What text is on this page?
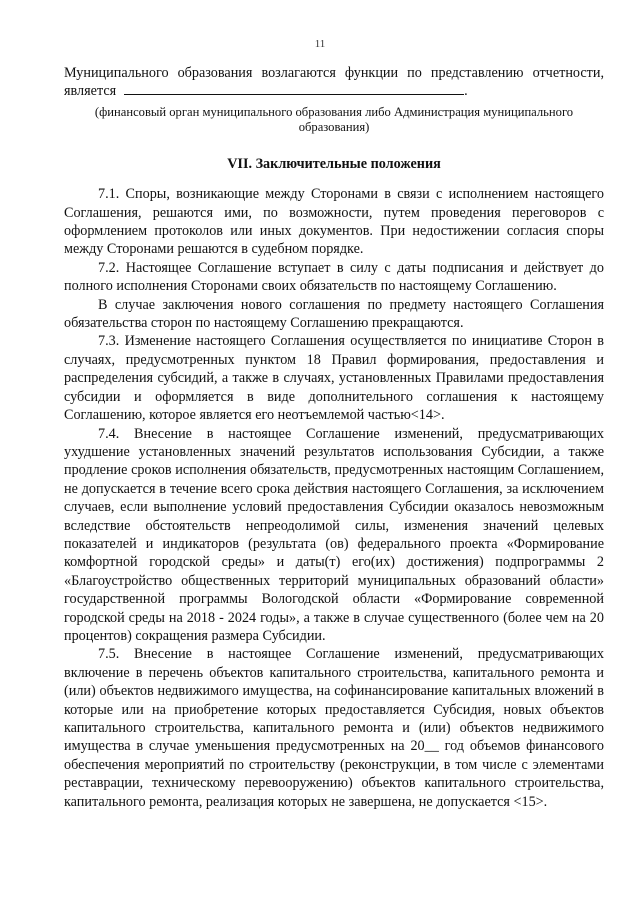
11

Муниципального образования возлагаются функции по представлению отчетности, является	.

(финансовый орган муниципального образования либо Администрация муниципального образования)

VII. Заключительные положения

7.1. Споры, возникающие между Сторонами в связи с исполнением настоящего Соглашения, решаются ими, по возможности, путем проведения переговоров с оформлением протоколов или иных документов. При недостижении согласия споры между Сторонами решаются в судебном порядке.

7.2. Настоящее Соглашение вступает в силу с даты подписания и действует до полного исполнения Сторонами своих обязательств по настоящему Соглашению.

В случае заключения нового соглашения по предмету настоящего Соглашения обязательства сторон по настоящему Соглашению прекращаются.

7.3. Изменение настоящего Соглашения осуществляется по инициативе Сторон в случаях, предусмотренных пунктом 18 Правил формирования, предоставления и распределения субсидий, а также в случаях, установленных Правилами предоставления субсидии и оформляется в виде дополнительного соглашения к настоящему Соглашению, которое является его неотъемлемой частью<14>.

7.4. Внесение в настоящее Соглашение изменений, предусматривающих ухудшение установленных значений результатов использования Субсидии, а также продление сроков исполнения обязательств, предусмотренных настоящим Соглашением, не допускается в течение всего срока действия настоящего Соглашения, за исключением случаев, если выполнение условий предоставления Субсидии оказалось невозможным вследствие обстоятельств непреодолимой силы, изменения значений целевых показателей и индикаторов (результата (ов) федерального проекта «Формирование комфортной городской среды» и даты(т) его(их) достижения) подпрограммы 2 «Благоустройство общественных территорий муниципальных образований области» государственной программы Вологодской области «Формирование современной городской среды на 2018 - 2024 годы», а также в случае существенного (более чем на 20 процентов) сокращения размера Субсидии.

7.5. Внесение в настоящее Соглашение изменений, предусматривающих включение в перечень объектов капитального строительства, капитального ремонта и (или) объектов недвижимого имущества, на софинансирование капитальных вложений в которые или на приобретение которых предоставляется Субсидия, новых объектов капитального строительства, капитального ремонта и (или) объектов недвижимого имущества в случае уменьшения предусмотренных на 20__ год объемов финансового обеспечения мероприятий по строительству (реконструкции, в том числе с элементами реставрации, техническому перевооружению) объектов капитального строительства, капитального ремонта, реализация которых не завершена, не допускается <15>.
